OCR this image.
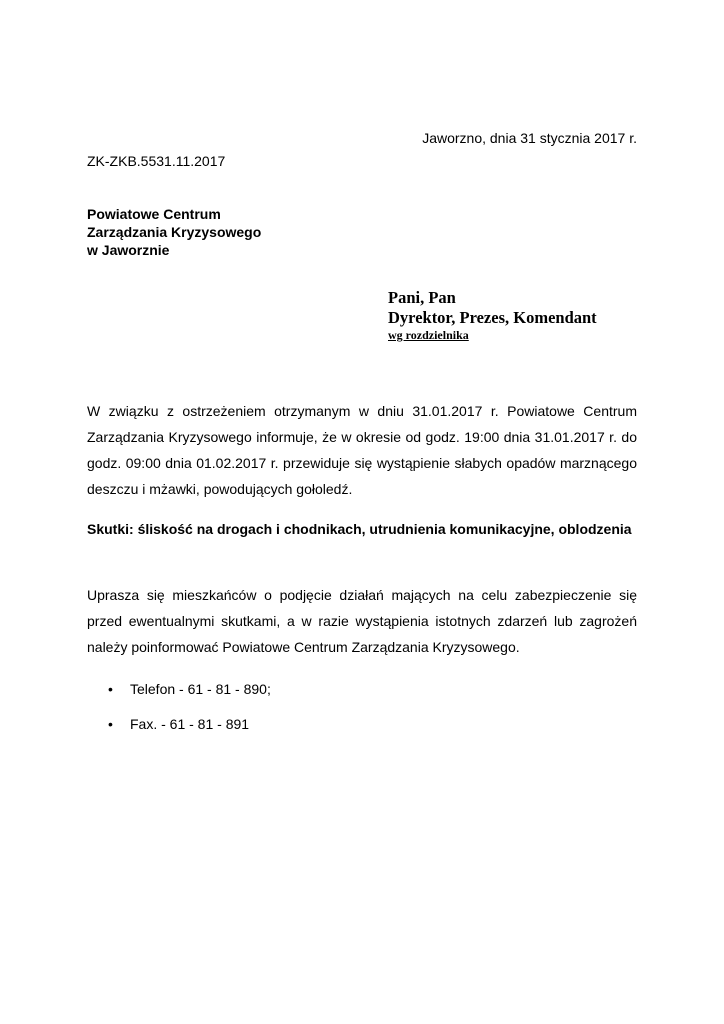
Jaworzno, dnia 31 stycznia 2017 r.
ZK-ZKB.5531.11.2017
Powiatowe Centrum
Zarządzania Kryzysowego
w Jaworznie
Pani, Pan
Dyrektor, Prezes, Komendant
wg rozdzielnika
W związku z ostrzeżeniem otrzymanym w dniu 31.01.2017 r. Powiatowe Centrum Zarządzania Kryzysowego informuje, że w okresie od godz. 19:00 dnia 31.01.2017 r. do godz. 09:00 dnia 01.02.2017 r. przewiduje się wystąpienie słabych opadów marznącego deszczu i mżawki, powodujących gołoledź.
Skutki: śliskość na drogach i chodnikach, utrudnienia komunikacyjne, oblodzenia
Uprasza się mieszkańców o podjęcie działań mających na celu zabezpieczenie się przed ewentualnymi skutkami, a w razie wystąpienia istotnych zdarzeń lub zagrożeń należy poinformować Powiatowe Centrum Zarządzania Kryzysowego.
• Telefon - 61 - 81 - 890;
• Fax. - 61 - 81 - 891
